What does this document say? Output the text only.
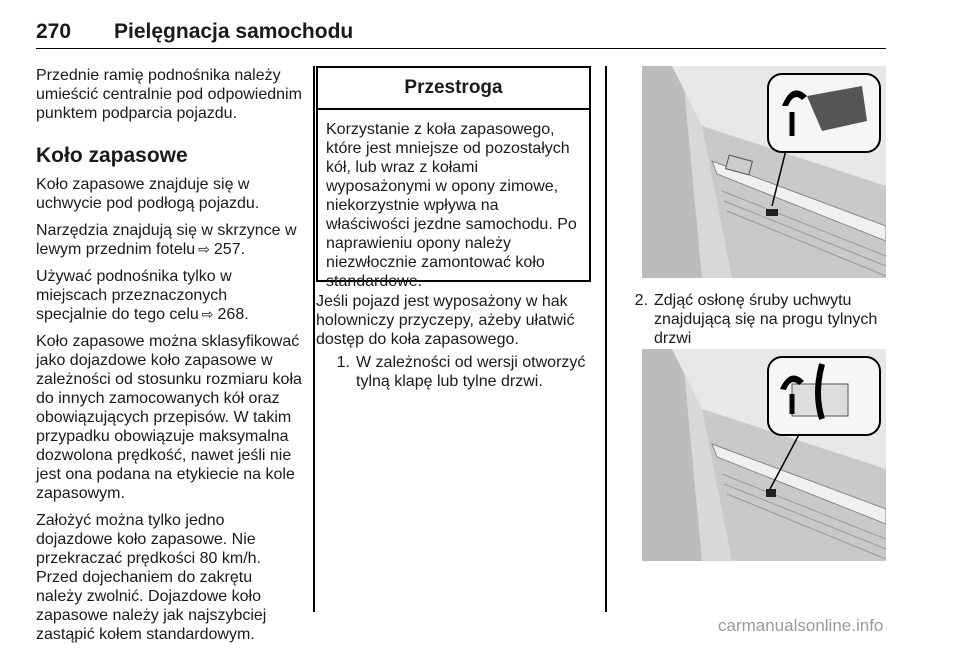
270 Pielęgnacja samochodu

Przednie ramię podnośnika należy umieścić centralnie pod odpowiednim punktem podparcia pojazdu.

Koło zapasowe

Koło zapasowe znajduje się w uchwycie pod podłogą pojazdu.

Narzędzia znajdują się w skrzynce w lewym przednim fotelu ⇨ 257.

Używać podnośnika tylko w miejscach przeznaczonych specjalnie do tego celu ⇨ 268.

Koło zapasowe można sklasyfikować jako dojazdowe koło zapasowe w zależności od stosunku rozmiaru koła do innych zamocowanych kół oraz obowiązujących przepisów. W takim przypadku obowiązuje maksymalna dozwolona prędkość, nawet jeśli nie jest ona podana na etykiecie na kole zapasowym.

Założyć można tylko jedno dojazdowe koło zapasowe. Nie przekraczać prędkości 80 km/h. Przed dojechaniem do zakrętu należy zwolnić. Dojazdowe koło zapasowe należy jak najszybciej zastąpić kołem standardowym.

Przestroga
Korzystanie z koła zapasowego, które jest mniejsze od pozostałych kół, lub wraz z kołami wyposażonymi w opony zimowe, niekorzystnie wpływa na właściwości jezdne samochodu. Po naprawieniu opony należy niezwłocznie zamontować koło standardowe.

Jeśli pojazd jest wyposażony w hak holowniczy przyczepy, ażeby ułatwić dostęp do koła zapasowego.

1. W zależności od wersji otworzyć tylną klapę lub tylne drzwi.
2. Zdjąć osłonę śruby uchwytu znajdującą się na progu tylnych drzwi
carmanualsonline.info
